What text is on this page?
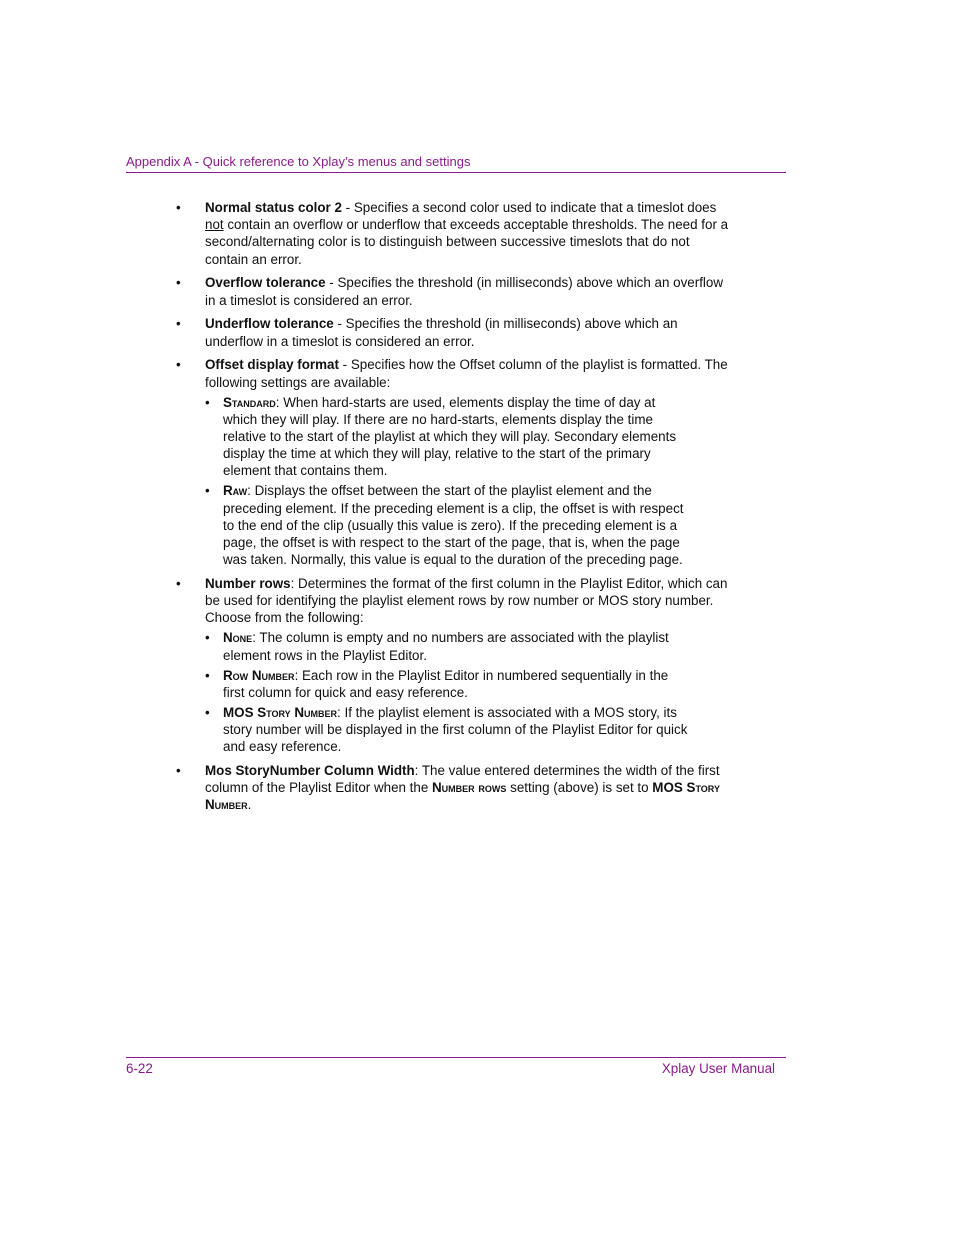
Appendix A - Quick reference to Xplay’s menus and settings
• Normal status color 2 - Specifies a second color used to indicate that a timeslot does not contain an overflow or underflow that exceeds acceptable thresholds. The need for a second/alternating color is to distinguish between successive timeslots that do not contain an error.
• Overflow tolerance - Specifies the threshold (in milliseconds) above which an overflow in a timeslot is considered an error.
• Underflow tolerance - Specifies the threshold (in milliseconds) above which an underflow in a timeslot is considered an error.
• Offset display format - Specifies how the Offset column of the playlist is formatted. The following settings are available:
• Standard: When hard-starts are used, elements display the time of day at which they will play. If there are no hard-starts, elements display the time relative to the start of the playlist at which they will play. Secondary elements display the time at which they will play, relative to the start of the primary element that contains them.
• Raw: Displays the offset between the start of the playlist element and the preceding element. If the preceding element is a clip, the offset is with respect to the end of the clip (usually this value is zero). If the preceding element is a page, the offset is with respect to the start of the page, that is, when the page was taken. Normally, this value is equal to the duration of the preceding page.
• Number rows: Determines the format of the first column in the Playlist Editor, which can be used for identifying the playlist element rows by row number or MOS story number. Choose from the following:
• None: The column is empty and no numbers are associated with the playlist element rows in the Playlist Editor.
• Row Number: Each row in the Playlist Editor in numbered sequentially in the first column for quick and easy reference.
• MOS Story Number: If the playlist element is associated with a MOS story, its story number will be displayed in the first column of the Playlist Editor for quick and easy reference.
• Mos StoryNumber Column Width: The value entered determines the width of the first column of the Playlist Editor when the Number rows setting (above) is set to MOS Story Number.
6-22	Xplay User Manual
